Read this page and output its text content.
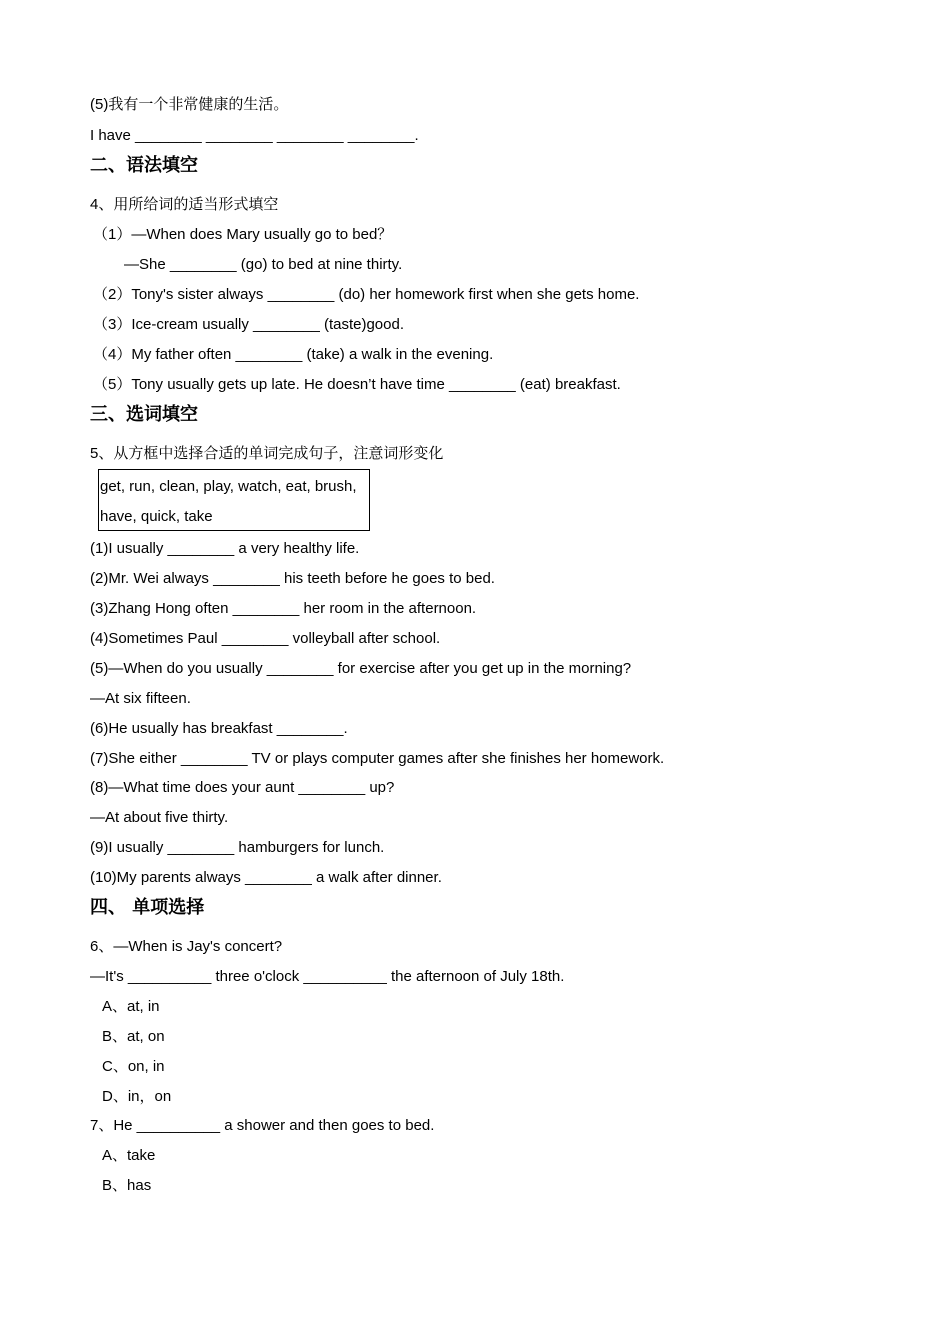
(5)我有一个非常健康的生活。
I have ________ ________ ________ ________.
二、语法填空
4、用所给词的适当形式填空
（1）—When does Mary usually go to bed？
—She ________ (go) to bed at nine thirty.
（2）Tony's sister always ________ (do) her homework first when she gets home.
（3）Ice-cream usually ________ (taste)good.
（4）My father often ________ (take) a walk in the evening.
（5）Tony usually gets up late. He doesn’t have time ________ (eat) breakfast.
三、选词填空
5、从方框中选择合适的单词完成句子，注意词形变化
get, run, clean, play, watch, eat, brush,
have, quick, take
(1)I usually ________ a very healthy life.
(2)Mr. Wei always ________ his teeth before he goes to bed.
(3)Zhang Hong often ________ her room in the afternoon.
(4)Sometimes Paul ________ volleyball after school.
(5)—When do you usually ________ for exercise after you get up in the morning?
—At six fifteen.
(6)He usually has breakfast ________.
(7)She either ________ TV or plays computer games after she finishes her homework.
(8)—What time does your aunt ________ up?
—At about five thirty.
(9)I usually ________ hamburgers for lunch.
(10)My parents always ________ a walk after dinner.
四、 单项选择
6、—When is Jay's concert?
—It's __________ three o'clock __________ the afternoon of July 18th.
A、at, in
B、at, on
C、on, in
D、in，on
7、He __________ a shower and then goes to bed.
A、take
B、has
